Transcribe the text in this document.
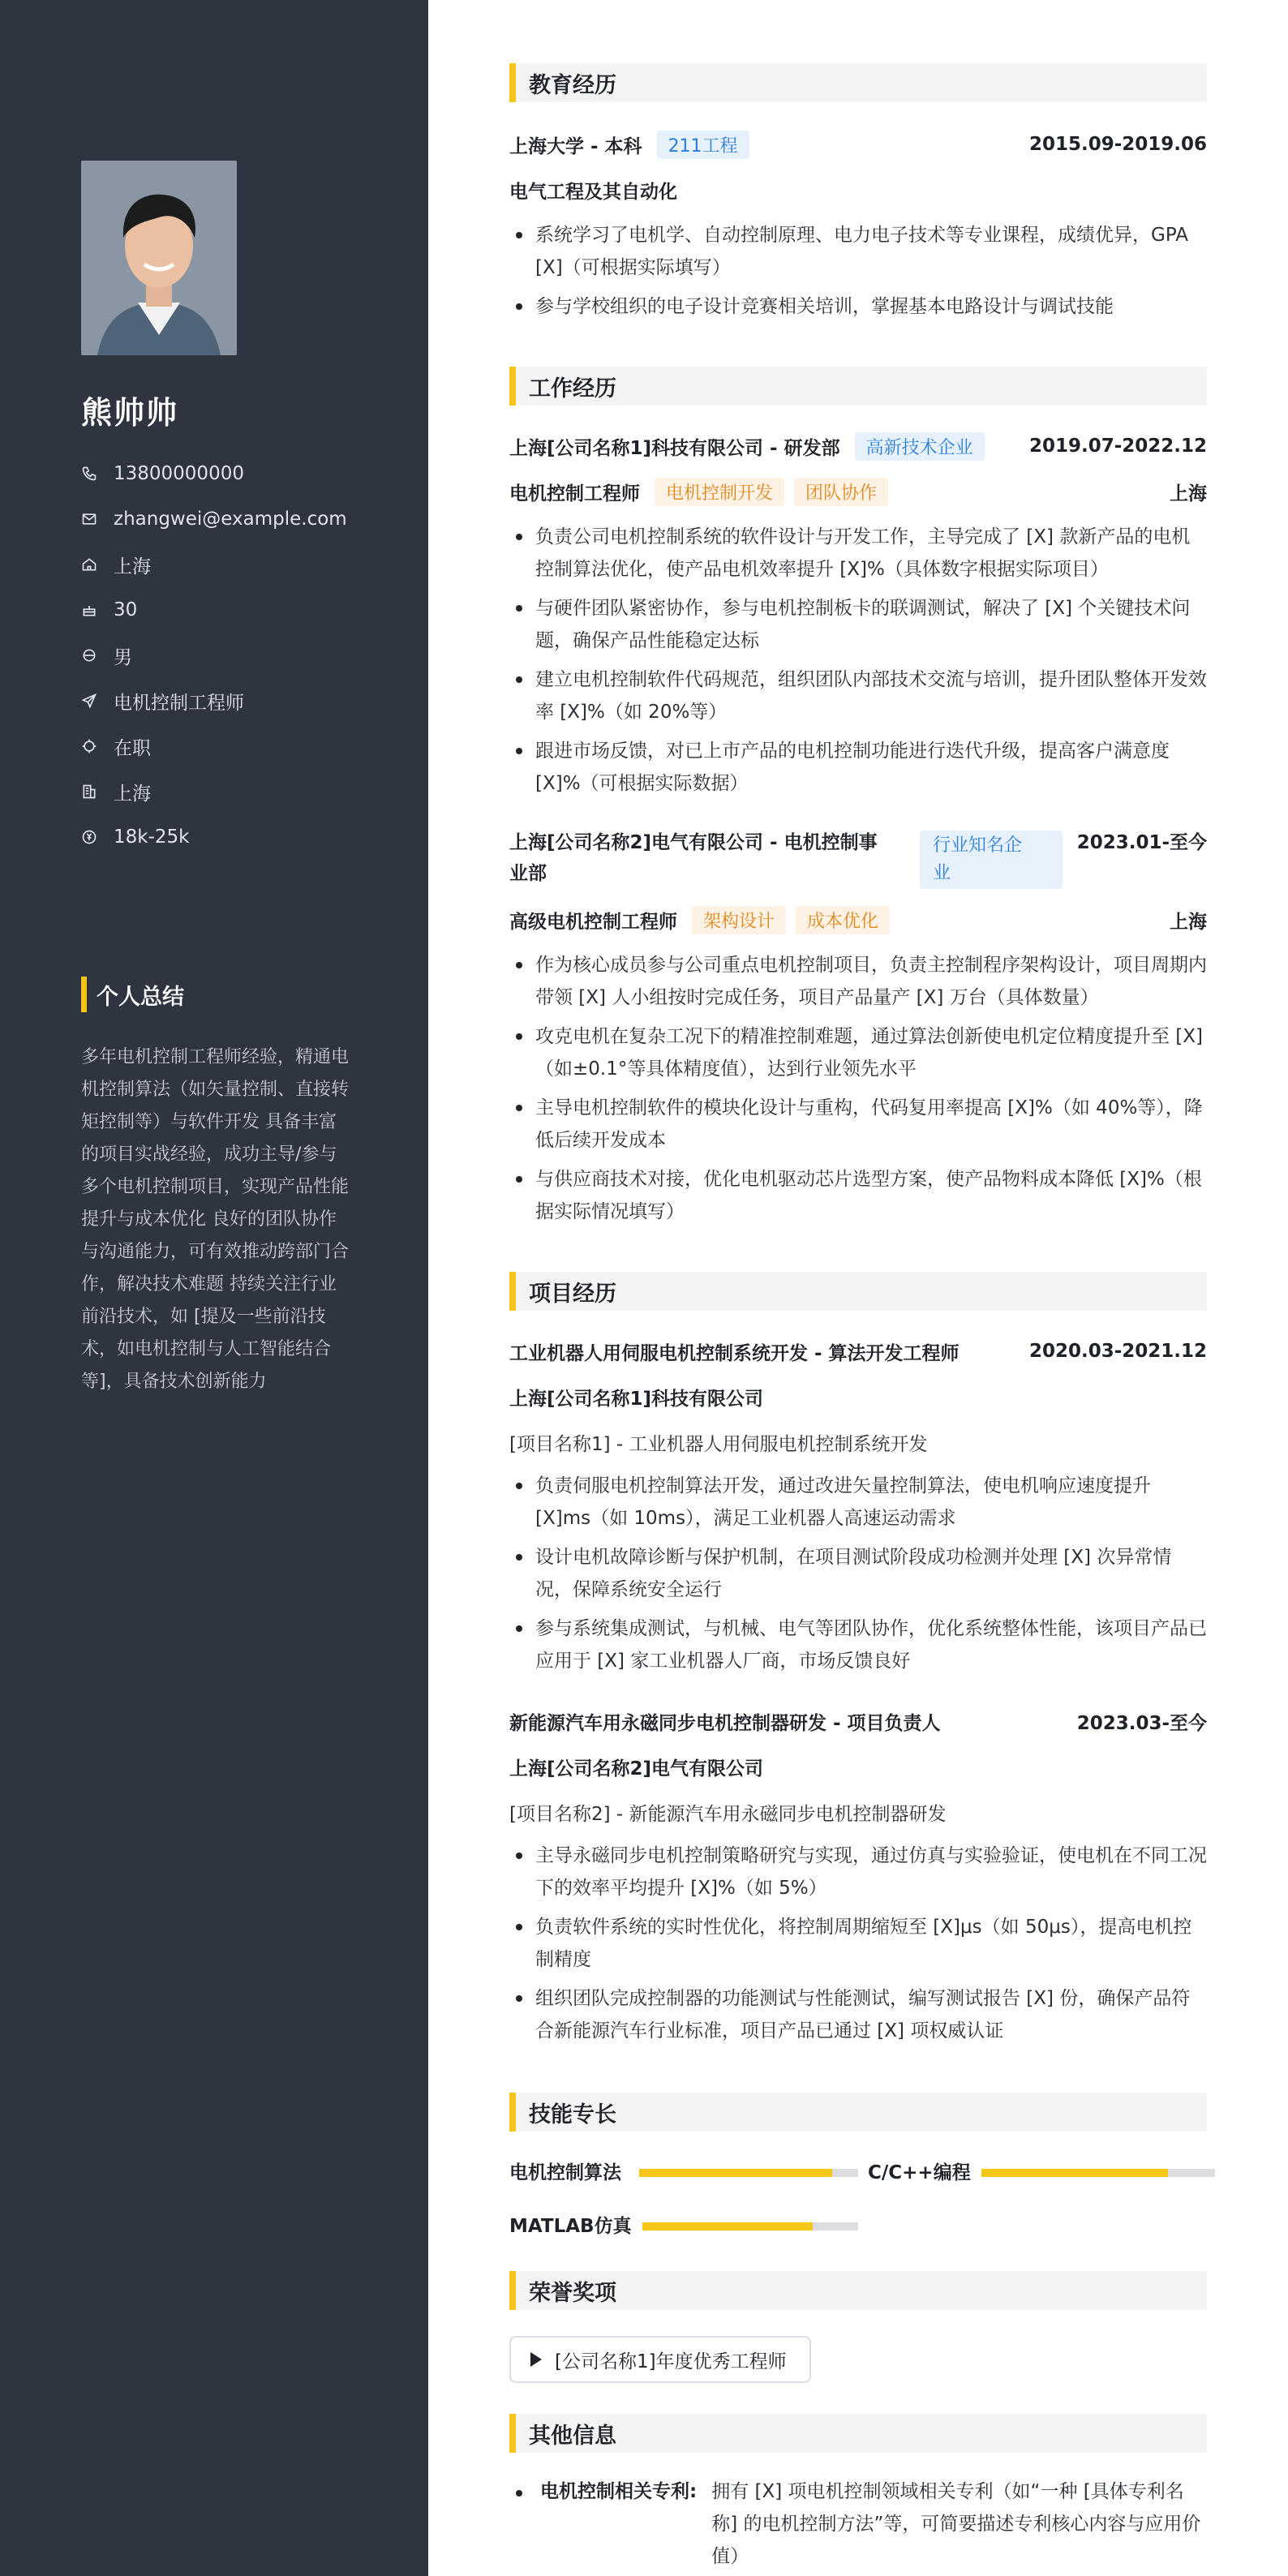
熊帅帅
13800000000
zhangwei@example.com
上海
30
男
电机控制工程师
在职
上海
18k-25k
个人总结
多年电机控制工程师经验，精通电机控制算法（如矢量控制、直接转矩控制等）与软件开发 具备丰富的项目实战经验，成功主导/参与多个电机控制项目，实现产品性能提升与成本优化 良好的团队协作与沟通能力，可有效推动跨部门合作，解决技术难题 持续关注行业前沿技术，如 [提及一些前沿技术，如电机控制与人工智能结合等]，具备技术创新能力
教育经历
上海大学 - 本科	211工程	2015.09-2019.06
电气工程及其自动化
系统学习了电机学、自动控制原理、电力电子技术等专业课程，成绩优异，GPA [X]（可根据实际填写）
参与学校组织的电子设计竞赛相关培训，掌握基本电路设计与调试技能
工作经历
上海[公司名称1]科技有限公司 - 研发部	高新技术企业	2019.07-2022.12
电机控制工程师	电机控制开发	团队协作	上海
负责公司电机控制系统的软件设计与开发工作，主导完成了 [X] 款新产品的电机控制算法优化，使产品电机效率提升 [X]%（具体数字根据实际项目）
与硬件团队紧密协作，参与电机控制板卡的联调测试，解决了 [X] 个关键技术问题，确保产品性能稳定达标
建立电机控制软件代码规范，组织团队内部技术交流与培训，提升团队整体开发效率 [X]%（如 20%等）
跟进市场反馈，对已上市产品的电机控制功能进行迭代升级，提高客户满意度 [X]%（可根据实际数据）
上海[公司名称2]电气有限公司 - 电机控制事
业部
行业知名企
业
2023.01-至今
高级电机控制工程师	架构设计	成本优化	上海
作为核心成员参与公司重点电机控制项目，负责主控制程序架构设计，项目周期内带领 [X] 人小组按时完成任务，项目产品量产 [X] 万台（具体数量）
攻克电机在复杂工况下的精准控制难题，通过算法创新使电机定位精度提升至 [X]（如±0.1°等具体精度值），达到行业领先水平
主导电机控制软件的模块化设计与重构，代码复用率提高 [X]%（如 40%等），降低后续开发成本
与供应商技术对接，优化电机驱动芯片选型方案，使产品物料成本降低 [X]%（根据实际情况填写）
项目经历
工业机器人用伺服电机控制系统开发 - 算法开发工程师	2020.03-2021.12
上海[公司名称1]科技有限公司
[项目名称1] - 工业机器人用伺服电机控制系统开发
负责伺服电机控制算法开发，通过改进矢量控制算法，使电机响应速度提升 [X]ms（如 10ms），满足工业机器人高速运动需求
设计电机故障诊断与保护机制，在项目测试阶段成功检测并处理 [X] 次异常情况，保障系统安全运行
参与系统集成测试，与机械、电气等团队协作，优化系统整体性能，该项目产品已应用于 [X] 家工业机器人厂商，市场反馈良好
新能源汽车用永磁同步电机控制器研发 - 项目负责人	2023.03-至今
上海[公司名称2]电气有限公司
[项目名称2] - 新能源汽车用永磁同步电机控制器研发
主导永磁同步电机控制策略研究与实现，通过仿真与实验验证，使电机在不同工况下的效率平均提升 [X]%（如 5%）
负责软件系统的实时性优化，将控制周期缩短至 [X]μs（如 50μs），提高电机控制精度
组织团队完成控制器的功能测试与性能测试，编写测试报告 [X] 份，确保产品符合新能源汽车行业标准，项目产品已通过 [X] 项权威认证
技能专长
电机控制算法	C/C++编程
MATLAB仿真
荣誉奖项
[公司名称1]年度优秀工程师
其他信息
电机控制相关专利: 拥有 [X] 项电机控制领域相关专利（如“一种 [具体专利名称] 的电机控制方法”等，可简要描述专利核心内容与应用价值）
